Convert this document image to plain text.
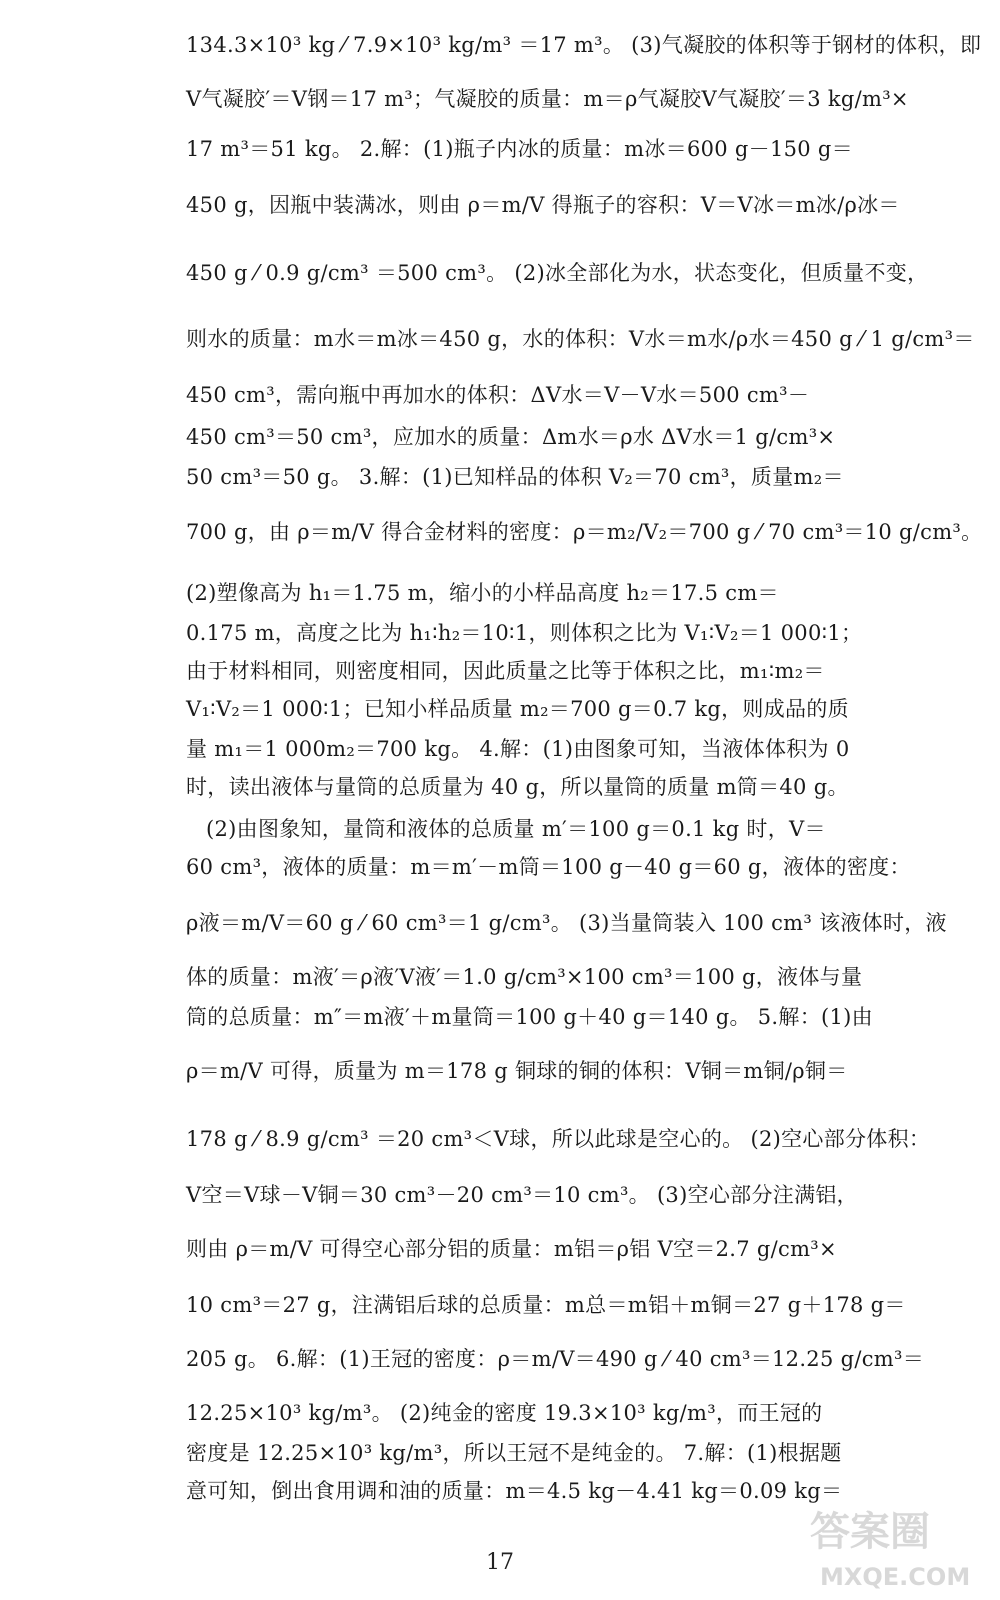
134.3×10³ kg ⁄ 7.9×10³ kg/m³ ＝17 m³。 (3)气凝胶的体积等于钢材的体积，即
V气凝胶′＝V钢＝17 m³；气凝胶的质量：m＝ρ气凝胶V气凝胶′＝3 kg/m³×
17 m³＝51 kg。 2.解：(1)瓶子内冰的质量：m冰＝600 g－150 g＝
450 g，因瓶中装满冰，则由 ρ＝m/V 得瓶子的容积：V＝V冰＝m冰/ρ冰＝
450 g ⁄ 0.9 g/cm³ ＝500 cm³。 (2)冰全部化为水，状态变化，但质量不变，
则水的质量：m水＝m冰＝450 g，水的体积：V水＝m水/ρ水＝450 g ⁄ 1 g/cm³＝
450 cm³，需向瓶中再加水的体积：ΔV水＝V－V水＝500 cm³－
450 cm³＝50 cm³，应加水的质量：Δm水＝ρ水 ΔV水＝1 g/cm³×
50 cm³＝50 g。 3.解：(1)已知样品的体积 V₂＝70 cm³，质量m₂＝
700 g，由 ρ＝m/V 得合金材料的密度：ρ＝m₂/V₂＝700 g ⁄ 70 cm³＝10 g/cm³。
(2)塑像高为 h₁＝1.75 m，缩小的小样品高度 h₂＝17.5 cm＝
0.175 m，高度之比为 h₁∶h₂＝10∶1，则体积之比为 V₁∶V₂＝1 000∶1；
由于材料相同，则密度相同，因此质量之比等于体积之比，m₁∶m₂＝
V₁∶V₂＝1 000∶1；已知小样品质量 m₂＝700 g＝0.7 kg，则成品的质
量 m₁＝1 000m₂＝700 kg。 4.解：(1)由图象可知，当液体体积为 0
时，读出液体与量筒的总质量为 40 g，所以量筒的质量 m筒＝40 g。
(2)由图象知，量筒和液体的总质量 m′＝100 g＝0.1 kg 时，V＝
60 cm³，液体的质量：m＝m′－m筒＝100 g－40 g＝60 g，液体的密度：
ρ液＝m/V＝60 g ⁄ 60 cm³＝1 g/cm³。 (3)当量筒装入 100 cm³ 该液体时，液
体的质量：m液′＝ρ液′V液′＝1.0 g/cm³×100 cm³＝100 g，液体与量
筒的总质量：m″＝m液′＋m量筒＝100 g＋40 g＝140 g。 5.解：(1)由
ρ＝m/V 可得，质量为 m＝178 g 铜球的铜的体积：V铜＝m铜/ρ铜＝
178 g ⁄ 8.9 g/cm³ ＝20 cm³＜V球，所以此球是空心的。 (2)空心部分体积：
V空＝V球－V铜＝30 cm³－20 cm³＝10 cm³。 (3)空心部分注满铝，
则由 ρ＝m/V 可得空心部分铝的质量：m铝＝ρ铝 V空＝2.7 g/cm³×
10 cm³＝27 g，注满铝后球的总质量：m总＝m铝＋m铜＝27 g＋178 g＝
205 g。 6.解：(1)王冠的密度：ρ＝m/V＝490 g ⁄ 40 cm³＝12.25 g/cm³＝
12.25×10³ kg/m³。 (2)纯金的密度 19.3×10³ kg/m³，而王冠的
密度是 12.25×10³ kg/m³，所以王冠不是纯金的。 7.解：(1)根据题
意可知，倒出食用调和油的质量：m＝4.5 kg－4.41 kg＝0.09 kg＝
17
答案圈
MXQE.COM
